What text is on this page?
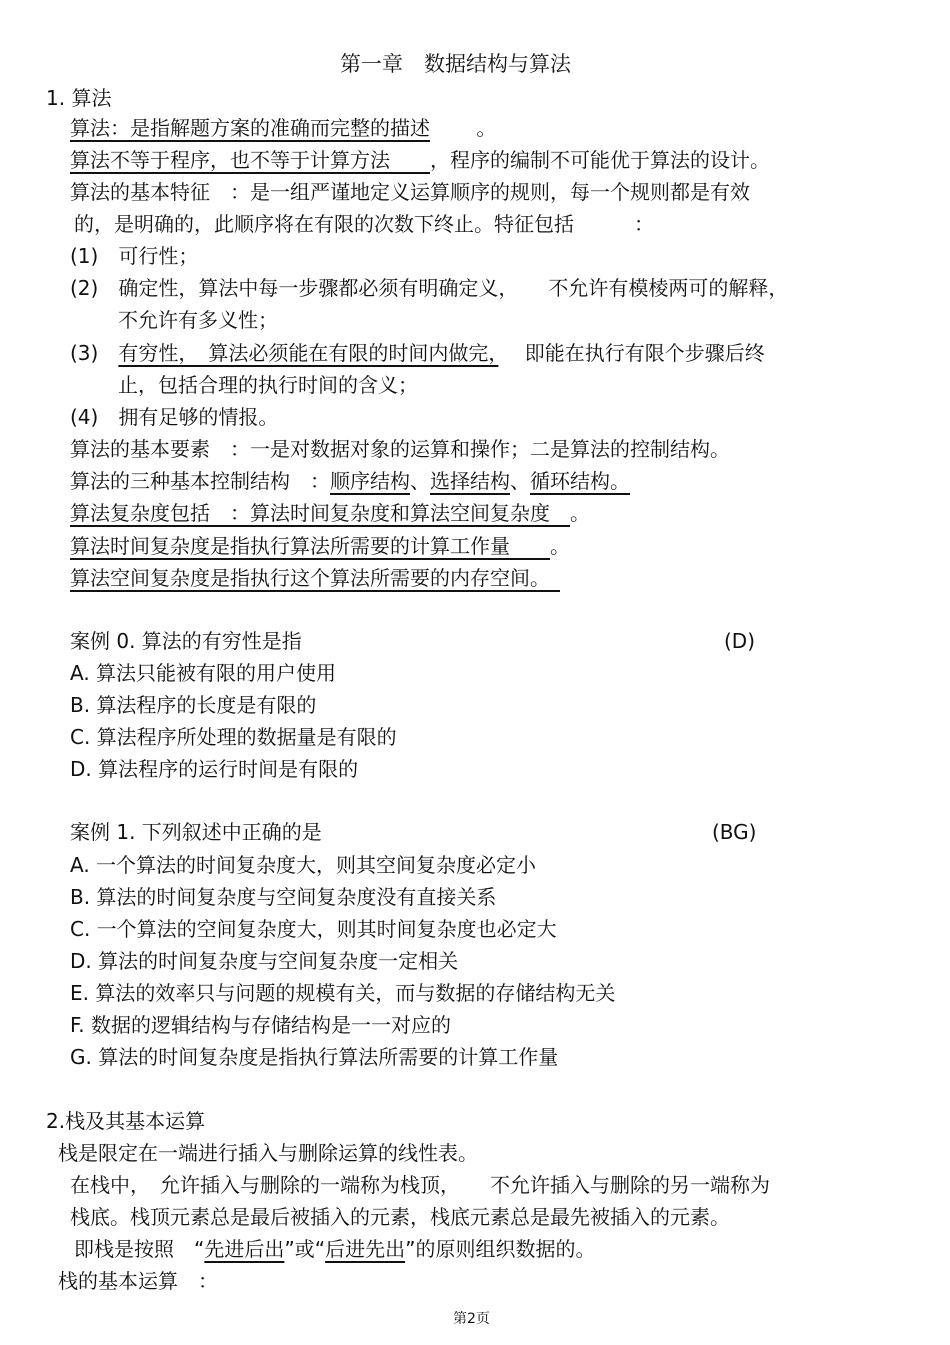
第一章　数据结构与算法
1. 算法
算法：是指解题方案的准确而完整的描述　　 。
算法不等于程序，也不等于计算方法　　 ，程序的编制不可能优于算法的设计。
算法的基本特征　：是一组严谨地定义运算顺序的规则，每一个规则都是有效
的，是明确的，此顺序将在有限的次数下终止。特征包括　　　：
(1)　可行性；
(2)　确定性，算法中每一步骤都必须有明确定义，　　不允许有模棱两可的解释，
不允许有多义性；
(3)　 有穷性，　算法必须能在有限的时间内做完，　 即能在执行有限个步骤后终
止，包括合理的执行时间的含义；
(4)　拥有足够的情报。
算法的基本要素　：一是对数据对象的运算和操作；二是算法的控制结构。
算法的三种基本控制结构　：顺序结构、选择结构、循环结构。
算法复杂度包括　：算法时间复杂度和算法空间复杂度　 。
算法时间复杂度是指执行算法所需要的计算工作量　　 。
算法空间复杂度是指执行这个算法所需要的内存空间。　
案例 0. 算法的有穷性是指	(D)
A. 算法只能被有限的用户使用
B. 算法程序的长度是有限的
C. 算法程序所处理的数据量是有限的
D. 算法程序的运行时间是有限的
案例 1. 下列叙述中正确的是	(BG)
A. 一个算法的时间复杂度大，则其空间复杂度必定小
B. 算法的时间复杂度与空间复杂度没有直接关系
C. 一个算法的空间复杂度大，则其时间复杂度也必定大
D. 算法的时间复杂度与空间复杂度一定相关
E. 算法的效率只与问题的规模有关，而与数据的存储结构无关
F. 数据的逻辑结构与存储结构是一一对应的
G. 算法的时间复杂度是指执行算法所需要的计算工作量
2.栈及其基本运算
栈是限定在一端进行插入与删除运算的线性表。
在栈中，　允许插入与删除的一端称为栈顶，　　不允许插入与删除的另一端称为
栈底。栈顶元素总是最后被插入的元素，栈底元素总是最先被插入的元素。
即栈是按照　“先进后出”或“后进先出”的原则组织数据的。
栈的基本运算　：
第2页
